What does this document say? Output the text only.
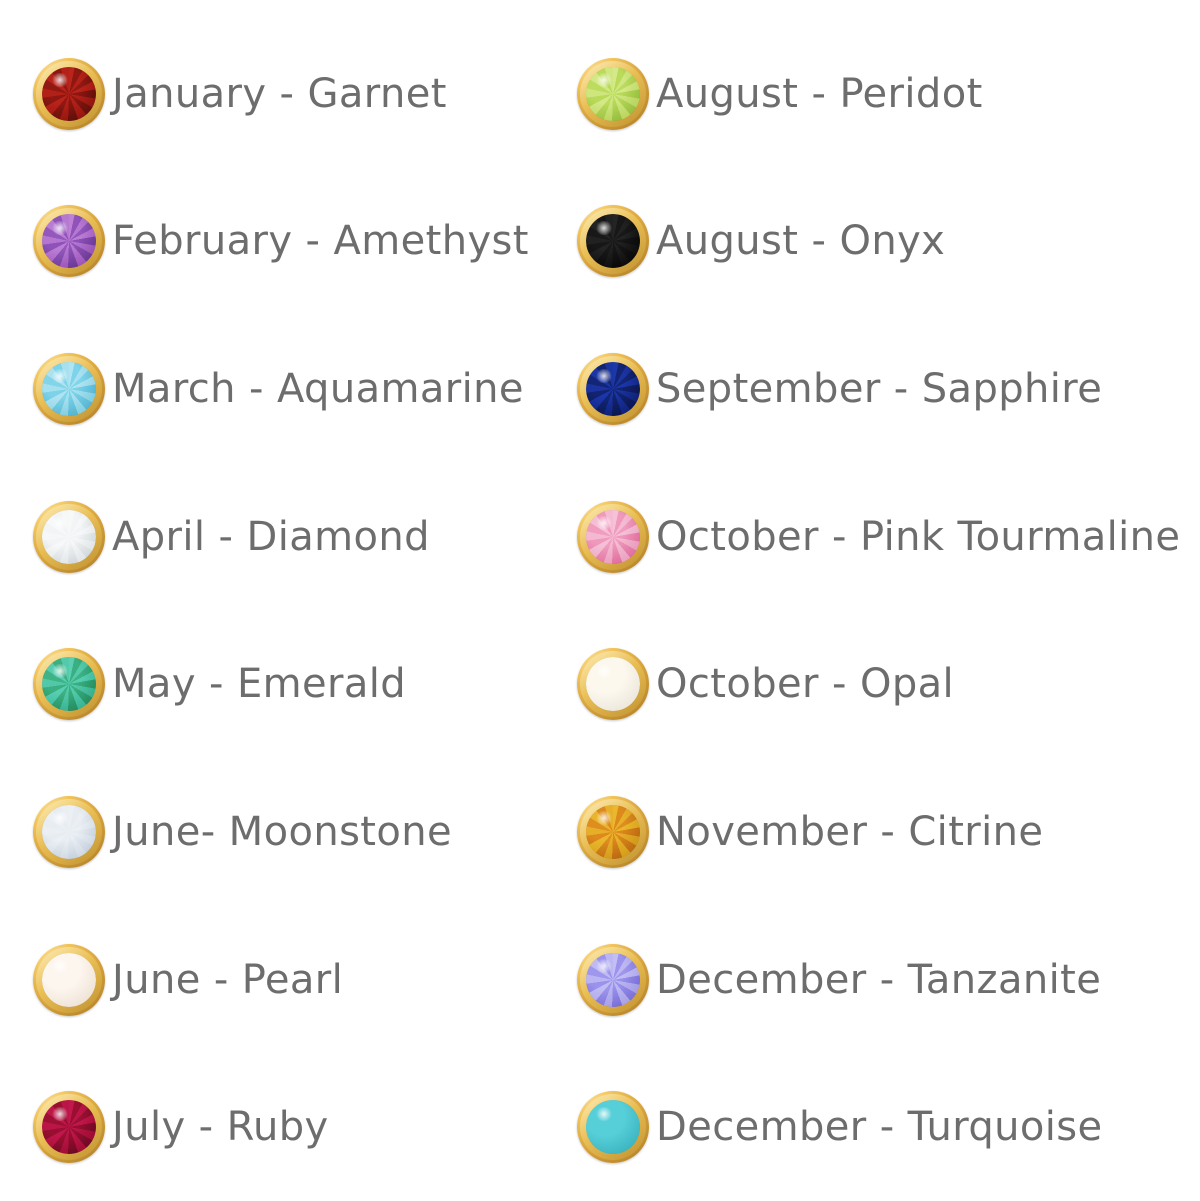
January - Garnet
February - Amethyst
March - Aquamarine
April - Diamond
May - Emerald
June- Moonstone
June - Pearl
July - Ruby
August - Peridot
August - Onyx
September - Sapphire
October - Pink Tourmaline
October - Opal
November - Citrine
December - Tanzanite
December - Turquoise
